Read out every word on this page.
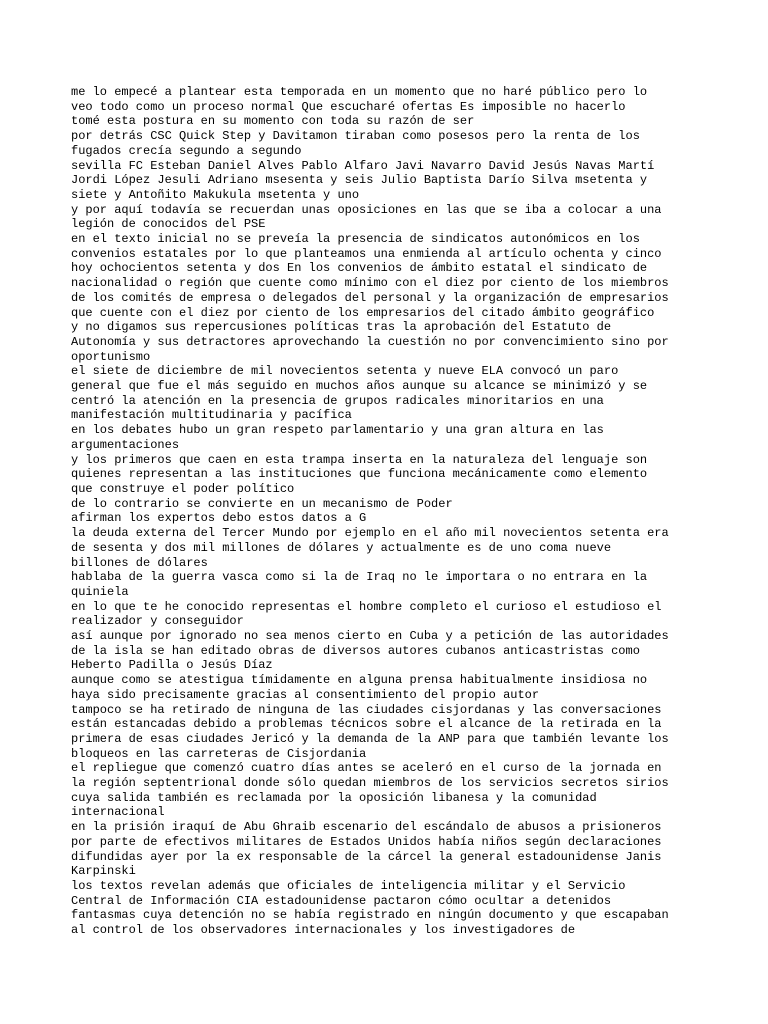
me lo empecé a plantear esta temporada en un momento que no haré público pero lo
veo todo como un proceso normal Que escucharé ofertas Es imposible no hacerlo
tomé esta postura en su momento con toda su razón de ser
por detrás CSC Quick Step y Davitamon tiraban como posesos pero la renta de los
fugados crecía segundo a segundo
sevilla FC Esteban Daniel Alves Pablo Alfaro Javi Navarro David Jesús Navas Martí
Jordi López Jesuli Adriano msesenta y seis Julio Baptista Darío Silva msetenta y
siete y Antoñito Makukula msetenta y uno
y por aquí todavía se recuerdan unas oposiciones en las que se iba a colocar a una
legión de conocidos del PSE
en el texto inicial no se preveía la presencia de sindicatos autonómicos en los
convenios estatales por lo que planteamos una enmienda al artículo ochenta y cinco
hoy ochocientos setenta y dos En los convenios de ámbito estatal el sindicato de
nacionalidad o región que cuente como mínimo con el diez por ciento de los miembros
de los comités de empresa o delegados del personal y la organización de empresarios
que cuente con el diez por ciento de los empresarios del citado ámbito geográfico
y no digamos sus repercusiones políticas tras la aprobación del Estatuto de
Autonomía y sus detractores aprovechando la cuestión no por convencimiento sino por
oportunismo
el siete de diciembre de mil novecientos setenta y nueve ELA convocó un paro
general que fue el más seguido en muchos años aunque su alcance se minimizó y se
centró la atención en la presencia de grupos radicales minoritarios en una
manifestación multitudinaria y pacífica
en los debates hubo un gran respeto parlamentario y una gran altura en las
argumentaciones
y los primeros que caen en esta trampa inserta en la naturaleza del lenguaje son
quienes representan a las instituciones que funciona mecánicamente como elemento
que construye el poder político
de lo contrario se convierte en un mecanismo de Poder
afirman los expertos debo estos datos a G
la deuda externa del Tercer Mundo por ejemplo en el año mil novecientos setenta era
de sesenta y dos mil millones de dólares y actualmente es de uno coma nueve
billones de dólares
hablaba de la guerra vasca como si la de Iraq no le importara o no entrara en la
quiniela
en lo que te he conocido representas el hombre completo el curioso el estudioso el
realizador y conseguidor
así aunque por ignorado no sea menos cierto en Cuba y a petición de las autoridades
de la isla se han editado obras de diversos autores cubanos anticastristas como
Heberto Padilla o Jesús Díaz
aunque como se atestigua tímidamente en alguna prensa habitualmente insidiosa no
haya sido precisamente gracias al consentimiento del propio autor
tampoco se ha retirado de ninguna de las ciudades cisjordanas y las conversaciones
están estancadas debido a problemas técnicos sobre el alcance de la retirada en la
primera de esas ciudades Jericó y la demanda de la ANP para que también levante los
bloqueos en las carreteras de Cisjordania
el repliegue que comenzó cuatro días antes se aceleró en el curso de la jornada en
la región septentrional donde sólo quedan miembros de los servicios secretos sirios
cuya salida también es reclamada por la oposición libanesa y la comunidad
internacional
en la prisión iraquí de Abu Ghraib escenario del escándalo de abusos a prisioneros
por parte de efectivos militares de Estados Unidos había niños según declaraciones
difundidas ayer por la ex responsable de la cárcel la general estadounidense Janis
Karpinski
los textos revelan además que oficiales de inteligencia militar y el Servicio
Central de Información CIA estadounidense pactaron cómo ocultar a detenidos
fantasmas cuya detención no se había registrado en ningún documento y que escapaban
al control de los observadores internacionales y los investigadores de
